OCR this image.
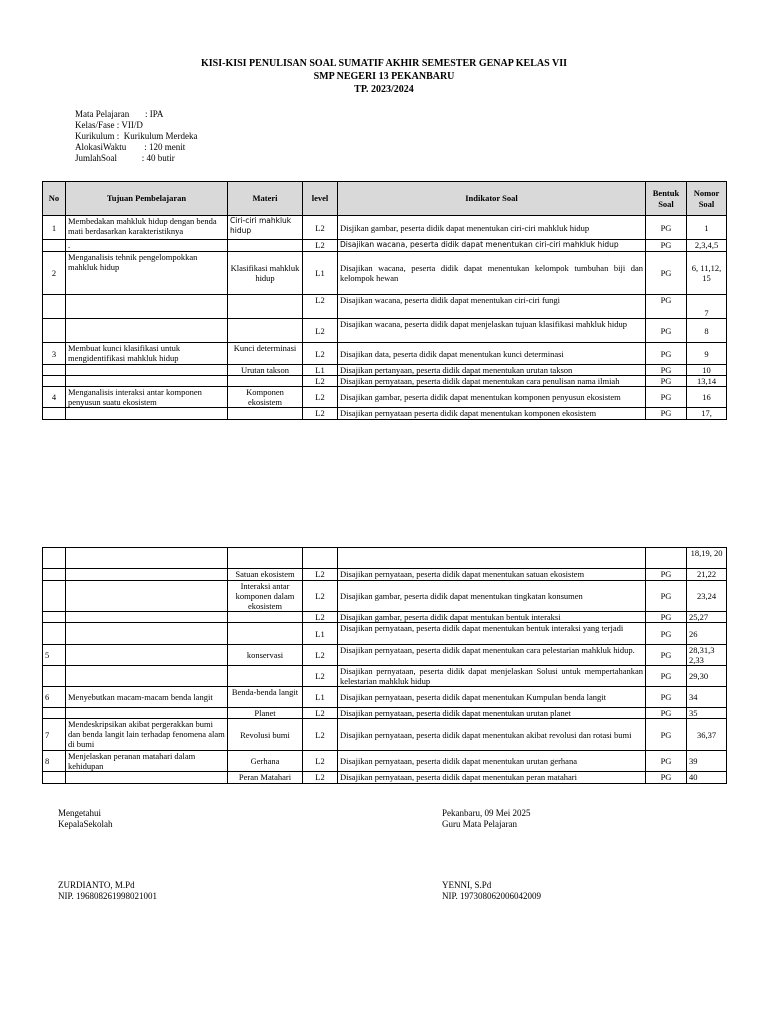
KISI-KISI PENULISAN SOAL SUMATIF AKHIR SEMESTER GENAP KELAS VII
SMP NEGERI 13 PEKANBARU
TP. 2023/2024
Mata Pelajaran       : IPA
Kelas/Fase : VII/D
Kurikulum :  Kurikulum Merdeka
AlokasiWaktu        : 120 menit
JumlahSoal           : 40 butir
No	Tujuan Pembelajaran	Materi	level	Indikator Soal	Bentuk Soal	Nomor Soal
1	Membedakan mahkluk hidup dengan benda mati berdasarkan karakteristiknya	Ciri-ciri mahkluk hidup	L2	Disjikan gambar, peserta didik dapat menentukan ciri-ciri mahkluk hidup	PG	1
	.		L2	Disajikan wacana, peserta didik dapat menentukan ciri-ciri mahkluk hidup	PG	2,3,4,5
2	Menganalisis tehnik pengelompokkan mahkluk hidup	Klasifikasi mahkluk hidup	L1	Disajikan wacana, peserta didik dapat menentukan kelompok tumbuhan biji dan kelompok hewan	PG	6, 11,12, 15
			L2	Disajikan wacana, peserta didik dapat menentukan ciri-ciri fungi	PG	7
			L2	Disajikan wacana, peserta didik dapat menjelaskan tujuan klasifikasi mahkluk hidup	PG	8
3	Membuat kunci klasifikasi untuk mengidentifikasi mahkluk hidup	Kunci determinasi	L2	Disajikan data, peserta didik dapat menentukan kunci determinasi	PG	9
		Urutan takson	L1	Disajikan pertanyaan, peserta didik dapat menentukan urutan takson	PG	10
			L2	Disajikan pernyataan, peserta didik dapat menentukan cara penulisan nama ilmiah	PG	13,14
4	Menganalisis interaksi antar komponen penyusun suatu ekosistem	Komponen ekosistem	L2	Disajikan gambar, peserta didik dapat menentukan komponen penyusun ekosistem	PG	16
			L2	Disajikan pernyataan peserta didik dapat menentukan komponen ekosistem	PG	17,
						18,19, 20
		Satuan ekosistem	L2	Disajikan pernyataan, peserta didik dapat menentukan satuan ekosistem	PG	21,22
		Interaksi antar komponen dalam ekosistem	L2	Disajikan gambar, peserta didik dapat menentukan tingkatan konsumen	PG	23,24
			L2	Disajikan gambar, peserta didik dapat mentukan bentuk interaksi	PG	25,27
			L1	Disajikan pernyataan, peserta didik dapat menentukan bentuk interaksi yang terjadi	PG	26
5		konservasi	L2	Disajikan pernyataan, peserta didik dapat menentukan cara pelestarian mahkluk hidup.	PG	28,31,3 2,33
			L2	Disajikan pernyataan, peserta didik dapat menjelaskan Solusi untuk mempertahankan kelestarian mahkluk hidup	PG	29,30
6	Menyebutkan macam-macam benda langit	Benda-benda langit	L1	Disajikan pernyataan, peserta didik dapat menentukan Kumpulan benda langit	PG	34
		Planet	L2	Disajikan pernyataan, peserta didik dapat menentukan urutan planet	PG	35
7	Mendeskripsikan akibat pergerakkan bumi dan benda langit lain terhadap fenomena alam di bumi	Revolusi bumi	L2	Disajikan pernyataan, peserta didik dapat menentukan akibat revolusi dan rotasi bumi	PG	36,37
8	Menjelaskan peranan matahari dalam kehidupan	Gerhana	L2	Disajikan pernyataan, peserta didik dapat menentukan urutan gerhana	PG	39
		Peran Matahari	L2	Disajikan pernyataan, peserta didik dapat menentukan peran matahari	PG	40
Mengetahui
KepalaSekolah
ZURDIANTO, M.Pd
NIP. 196808261998021001
Pekanbaru, 09 Mei 2025
Guru Mata Pelajaran
YENNI, S.Pd
NIP. 197308062006042009
